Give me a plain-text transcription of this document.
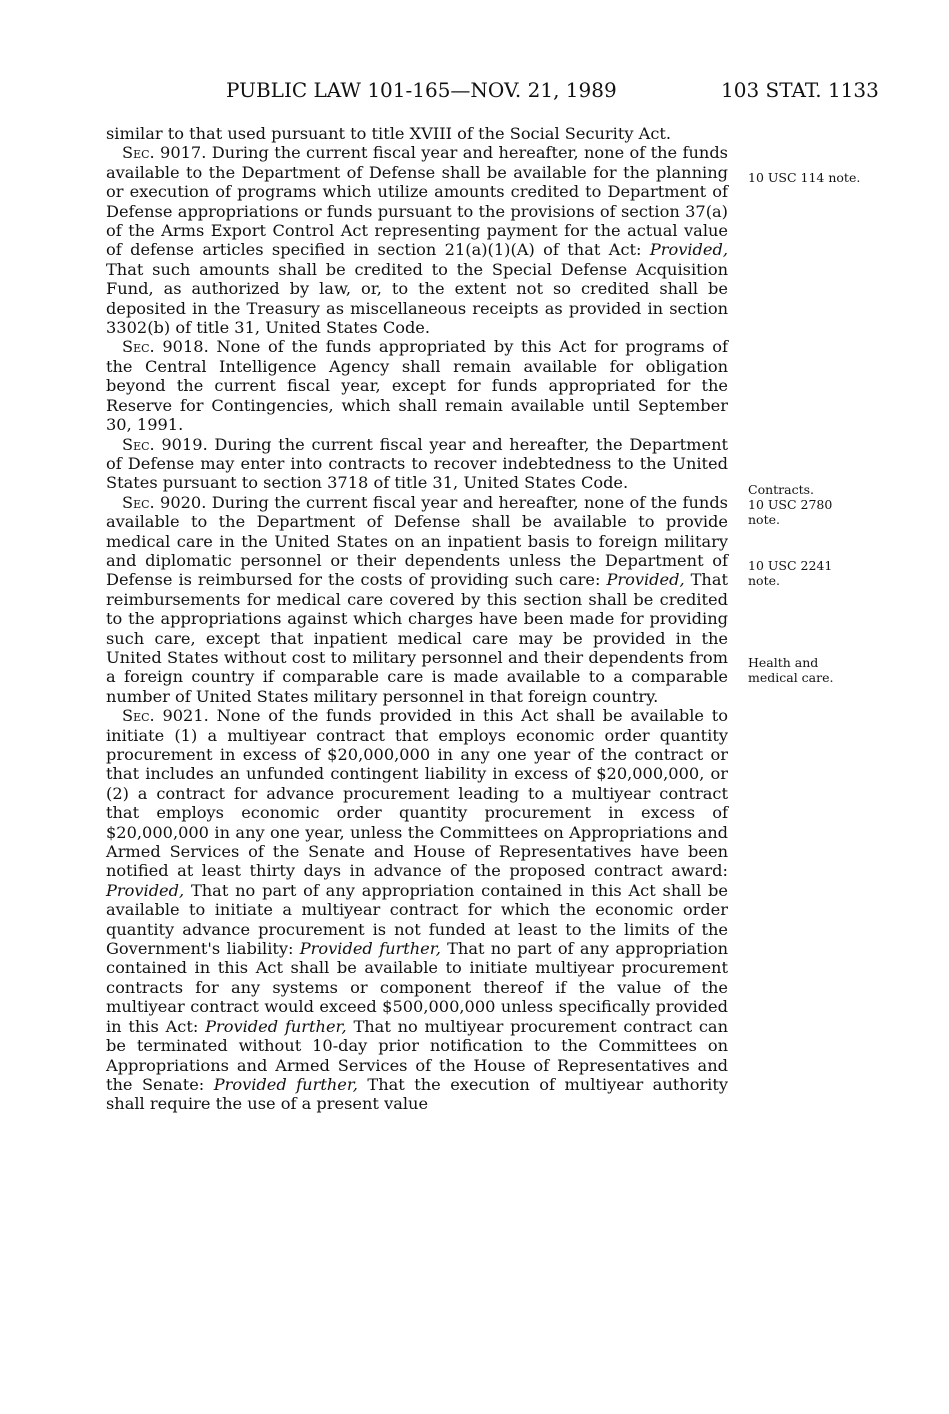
PUBLIC LAW 101-165—NOV. 21, 1989	103 STAT. 1133

similar to that used pursuant to title XVIII of the Social Security Act.

Sec. 9017. During the current fiscal year and hereafter, none of the funds available to the Department of Defense shall be available for the planning or execution of programs which utilize amounts credited to Department of Defense appropriations or funds pursuant to the provisions of section 37(a) of the Arms Export Control Act representing payment for the actual value of defense articles specified in section 21(a)(1)(A) of that Act: Provided, That such amounts shall be credited to the Special Defense Acquisition Fund, as authorized by law, or, to the extent not so credited shall be deposited in the Treasury as miscellaneous receipts as provided in section 3302(b) of title 31, United States Code.

Sec. 9018. None of the funds appropriated by this Act for programs of the Central Intelligence Agency shall remain available for obligation beyond the current fiscal year, except for funds appropriated for the Reserve for Contingencies, which shall remain available until September 30, 1991.

Sec. 9019. During the current fiscal year and hereafter, the Department of Defense may enter into contracts to recover indebtedness to the United States pursuant to section 3718 of title 31, United States Code.

Sec. 9020. During the current fiscal year and hereafter, none of the funds available to the Department of Defense shall be available to provide medical care in the United States on an inpatient basis to foreign military and diplomatic personnel or their dependents unless the Department of Defense is reimbursed for the costs of providing such care: Provided, That reimbursements for medical care covered by this section shall be credited to the appropriations against which charges have been made for providing such care, except that inpatient medical care may be provided in the United States without cost to military personnel and their dependents from a foreign country if comparable care is made available to a comparable number of United States military personnel in that foreign country.

Sec. 9021. None of the funds provided in this Act shall be available to initiate (1) a multiyear contract that employs economic order quantity procurement in excess of $20,000,000 in any one year of the contract or that includes an unfunded contingent liability in excess of $20,000,000, or (2) a contract for advance procurement leading to a multiyear contract that employs economic order quantity procurement in excess of $20,000,000 in any one year, unless the Committees on Appropriations and Armed Services of the Senate and House of Representatives have been notified at least thirty days in advance of the proposed contract award: Provided, That no part of any appropriation contained in this Act shall be available to initiate a multiyear contract for which the economic order quantity advance procurement is not funded at least to the limits of the Government's liability: Provided further, That no part of any appropriation contained in this Act shall be available to initiate multiyear procurement contracts for any systems or component thereof if the value of the multiyear contract would exceed $500,000,000 unless specifically provided in this Act: Provided further, That no multiyear procurement contract can be terminated without 10-day prior notification to the Committees on Appropriations and Armed Services of the House of Representatives and the Senate: Provided further, That the execution of multiyear authority shall require the use of a present value

10 USC 114 note.
Contracts.
10 USC 2780 note.
10 USC 2241
note.
Health and
medical care.
